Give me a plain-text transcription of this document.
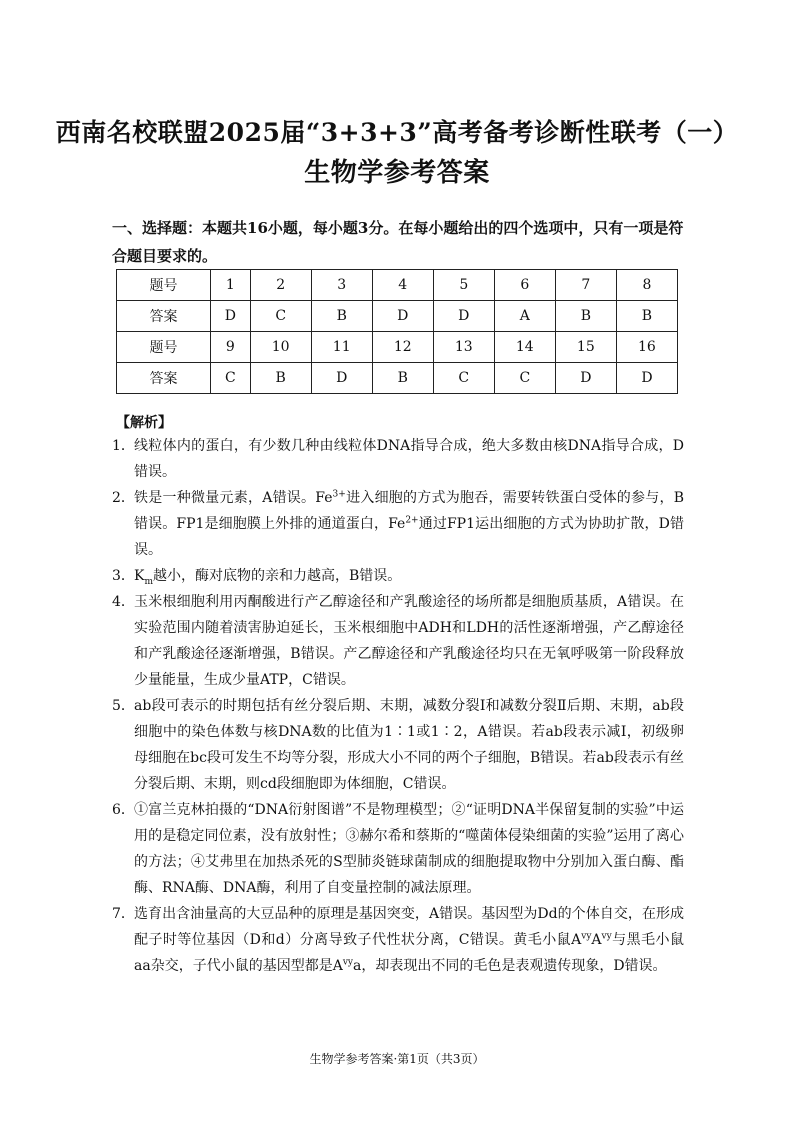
西南名校联盟2025届“3+3+3”高考备考诊断性联考（一）
生物学参考答案
一、选择题：本题共16小题，每小题3分。在每小题给出的四个选项中，只有一项是符合题目要求的。
题号	1	2	3	4	5	6	7	8
答案	D	C	B	D	D	A	B	B
题号	9	10	11	12	13	14	15	16
答案	C	B	D	B	C	C	D	D
【解析】
1． 线粒体内的蛋白，有少数几种由线粒体DNA指导合成，绝大多数由核DNA指导合成，D错误。
2． 铁是一种微量元素，A错误。$Fe^{3+}$进入细胞的方式为胞吞，需要转铁蛋白受体的参与，B错误。FP1是细胞膜上外排的通道蛋白，$Fe^{2+}$通过FP1运出细胞的方式为协助扩散，D错误。
3． $K_m$越小，酶对底物的亲和力越高，B错误。
4． 玉米根细胞利用丙酮酸进行产乙醇途径和产乳酸途径的场所都是细胞质基质，A错误。在实验范围内随着渍害胁迫延长，玉米根细胞中ADH和LDH的活性逐渐增强，产乙醇途径和产乳酸途径逐渐增强，B错误。产乙醇途径和产乳酸途径均只在无氧呼吸第一阶段释放少量能量，生成少量ATP，C错误。
5． ab段可表示的时期包括有丝分裂后期、末期，减数分裂Ⅰ和减数分裂Ⅱ后期、末期，ab段细胞中的染色体数与核DNA数的比值为1∶1或1∶2，A错误。若ab段表示减Ⅰ，初级卵母细胞在bc段可发生不均等分裂，形成大小不同的两个子细胞，B错误。若ab段表示有丝分裂后期、末期，则cd段细胞即为体细胞，C错误。
6． ①富兰克林拍摄的“DNA衍射图谱”不是物理模型；②“证明DNA半保留复制的实验”中运用的是稳定同位素，没有放射性；③赫尔希和蔡斯的“噬菌体侵染细菌的实验”运用了离心的方法；④艾弗里在加热杀死的S型肺炎链球菌制成的细胞提取物中分别加入蛋白酶、酯酶、RNA酶、DNA酶，利用了自变量控制的减法原理。
7． 选育出含油量高的大豆品种的原理是基因突变，A错误。基因型为Dd的个体自交，在形成配子时等位基因（D和d）分离导致子代性状分离，C错误。黄毛小鼠$A^{vy}A^{vy}$与黑毛小鼠aa杂交，子代小鼠的基因型都是$A^{vy}a$，却表现出不同的毛色是表观遗传现象，D错误。
生物学参考答案·第1页（共3页）
